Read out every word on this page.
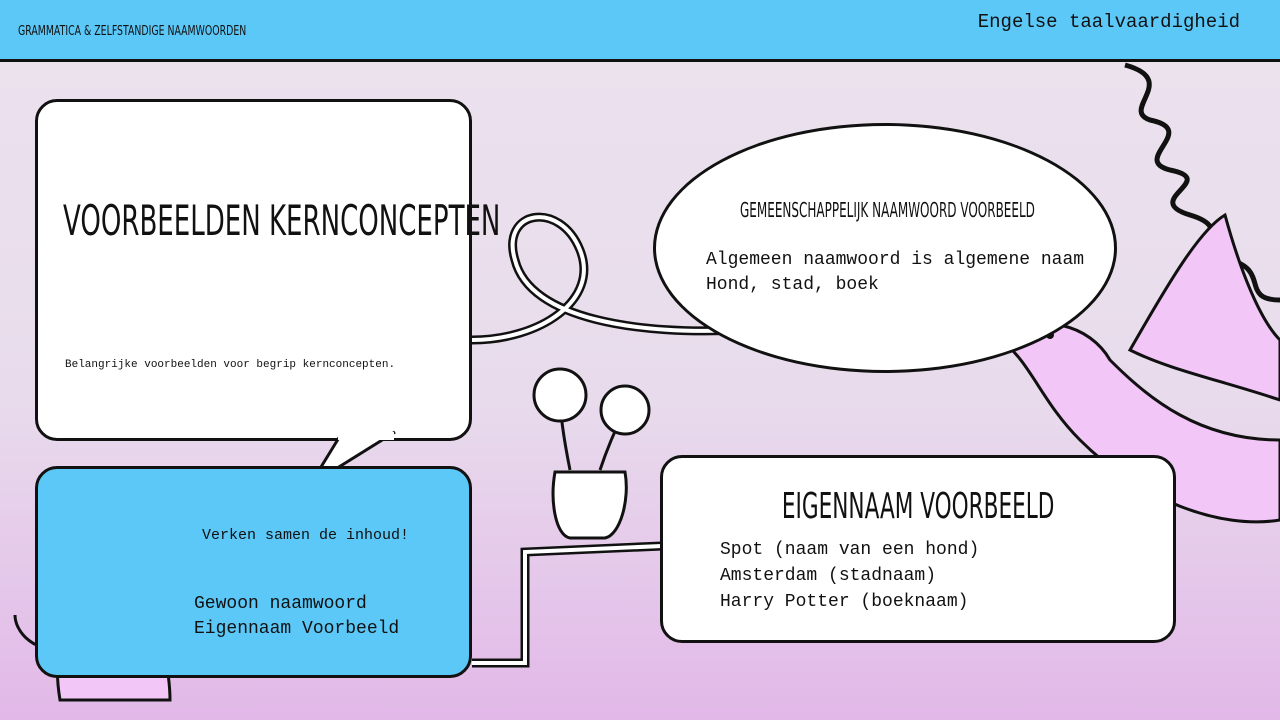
GRAMMATICA & ZELFSTANDIGE NAAMWOORDEN	Engelse taalvaardigheid
VOORBEELDEN KERNCONCEPTEN
Belangrijke voorbeelden voor begrip kernconcepten.
Verken samen de inhoud!
Gewoon naamwoord
Eigennaam Voorbeeld
GEMEENSCHAPPELIJK NAAMWOORD VOORBEELD
Algemeen naamwoord is algemene naam
Hond, stad, boek
EIGENNAAM VOORBEELD
Spot (naam van een hond)
Amsterdam (stadnaam)
Harry Potter (boeknaam)
